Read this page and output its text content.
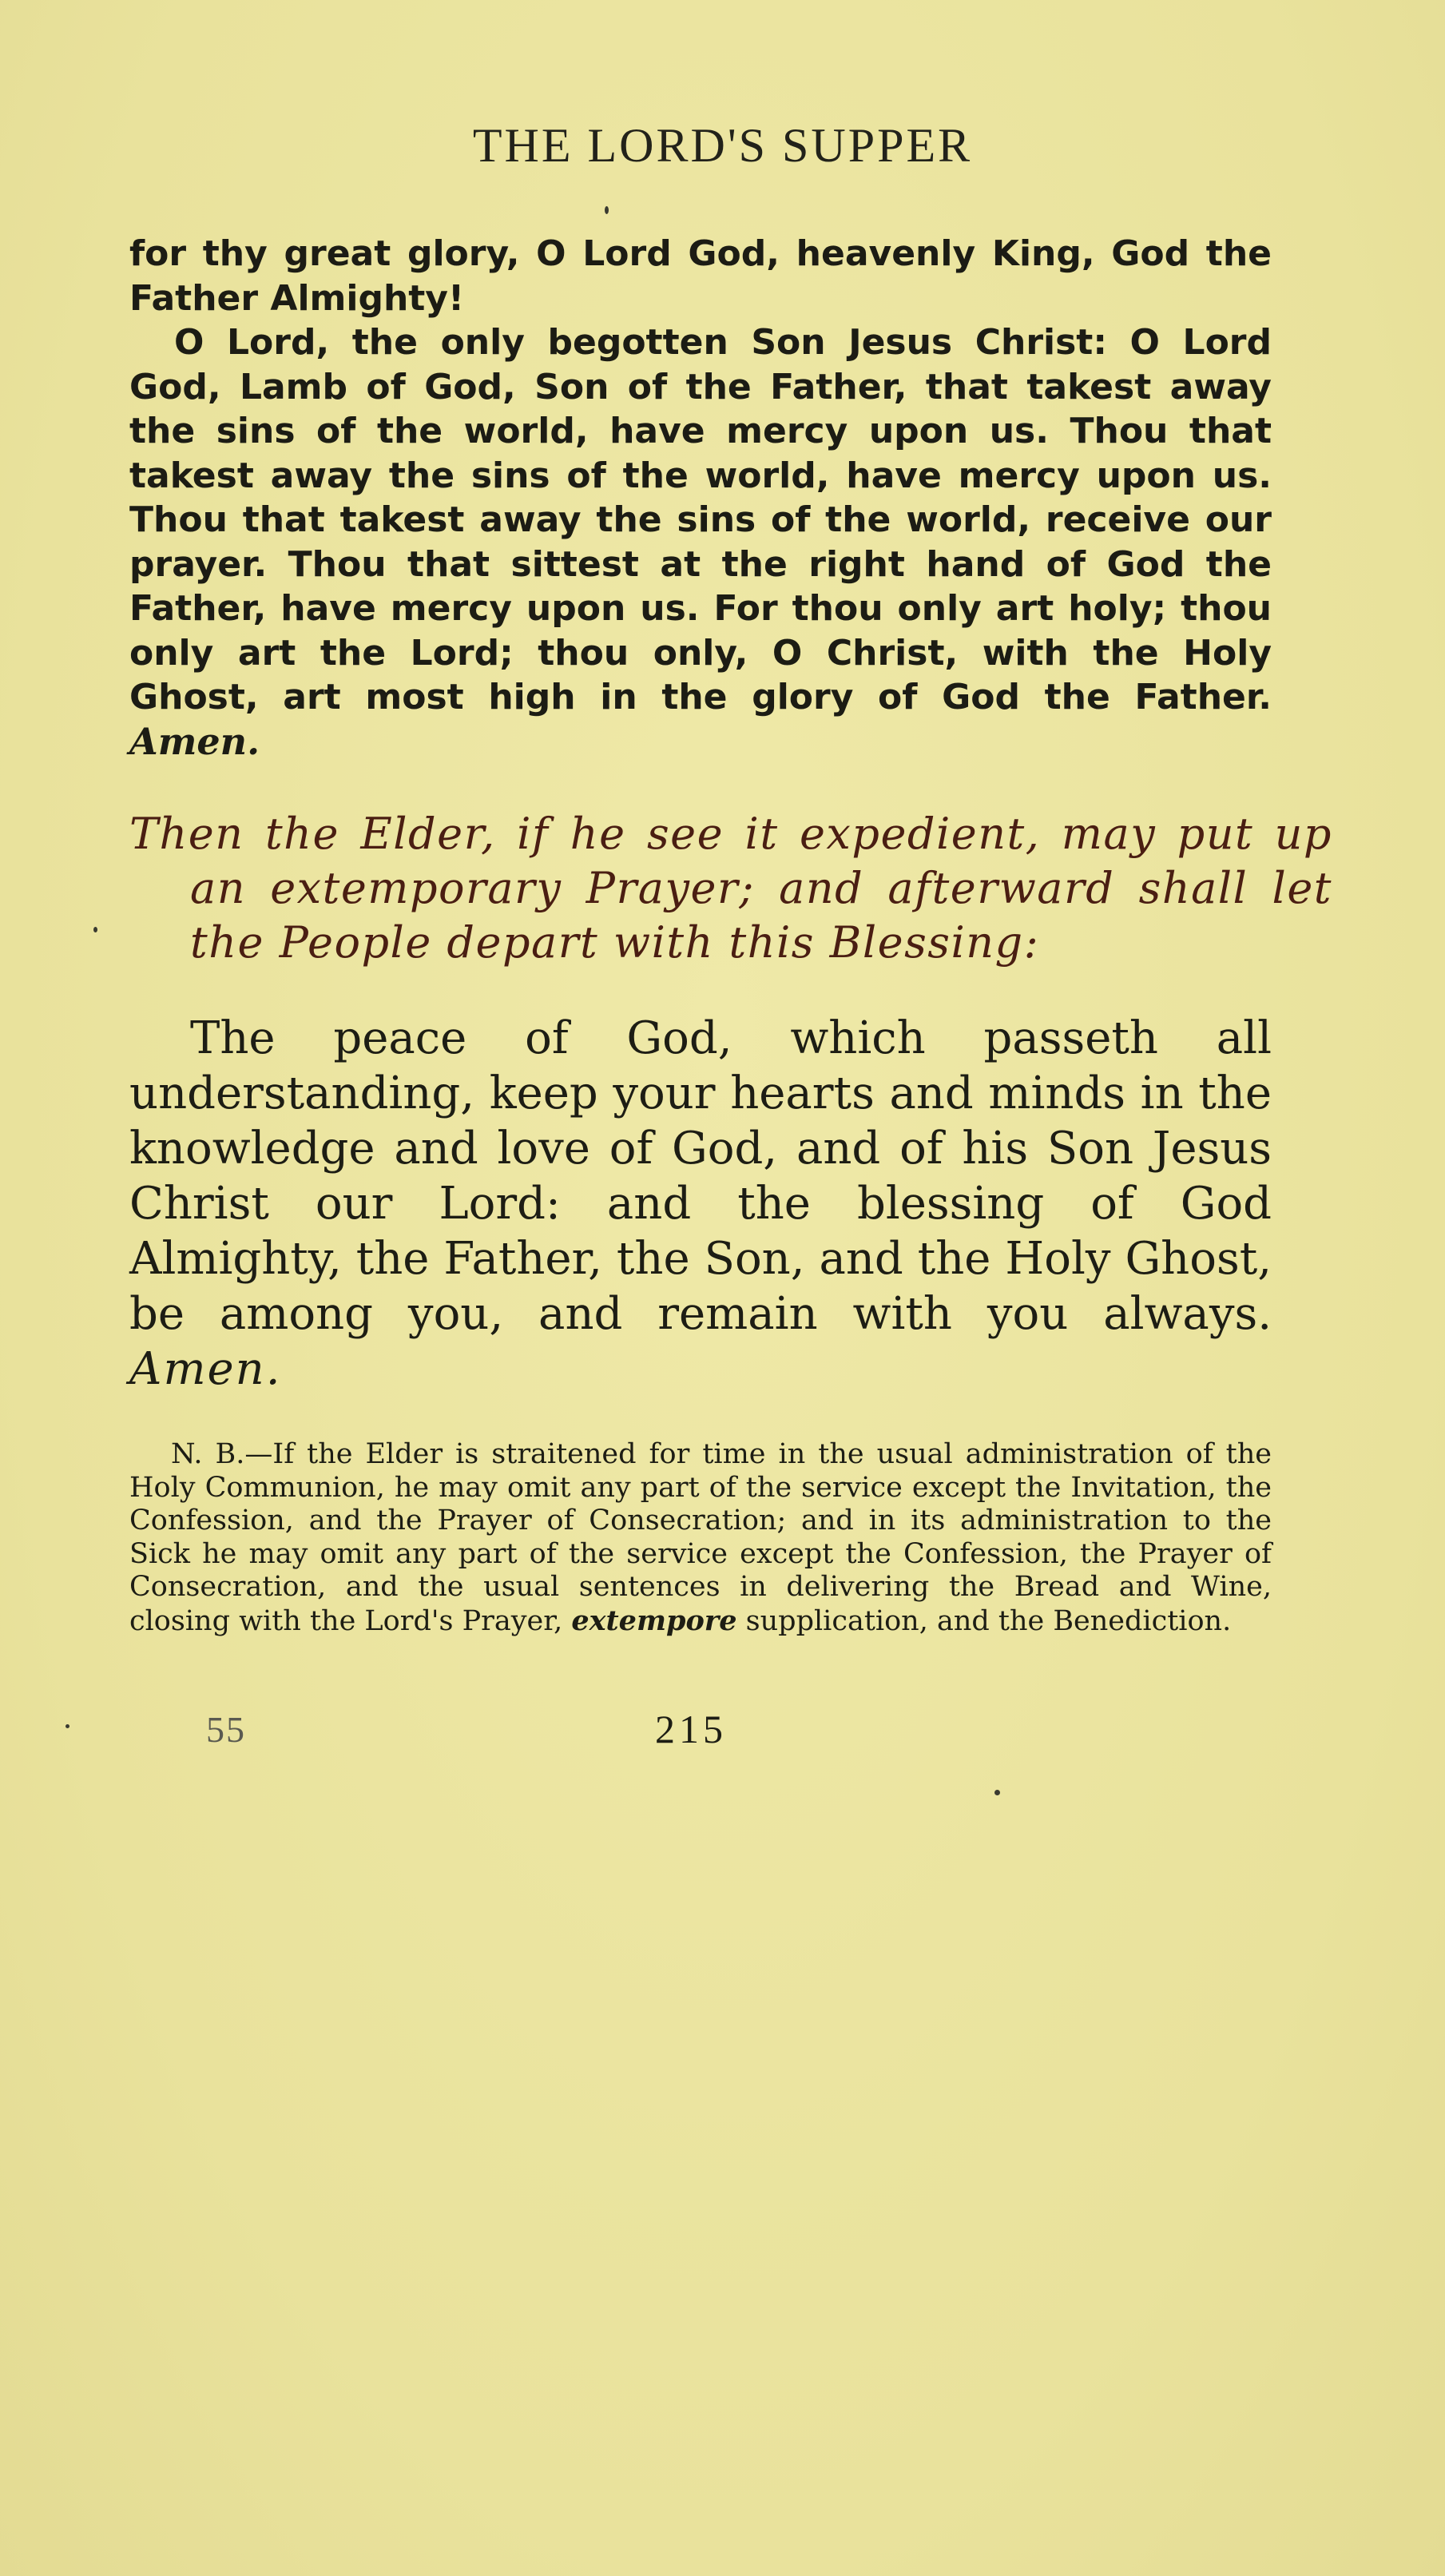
THE LORD'S SUPPER

for thy great glory, O Lord God, heavenly King, God the Father Almighty!

O Lord, the only begotten Son Jesus Christ: O Lord God, Lamb of God, Son of the Father, that takest away the sins of the world, have mercy upon us. Thou that takest away the sins of the world, have mercy upon us. Thou that takest away the sins of the world, receive our prayer. Thou that sittest at the right hand of God the Father, have mercy upon us. For thou only art holy; thou only art the Lord; thou only, O Christ, with the Holy Ghost, art most high in the glory of God the Father. Amen.

Then the Elder, if he see it expedient, may put up an extemporary Prayer; and afterward shall let the People depart with this Blessing:
The peace of God, which passeth all understanding, keep your hearts and minds in the knowledge and love of God, and of his Son Jesus Christ our Lord: and the blessing of God Almighty, the Father, the Son, and the Holy Ghost, be among you, and remain with you always. Amen.
N. B.—If the Elder is straitened for time in the usual administration of the Holy Communion, he may omit any part of the service except the Invitation, the Confession, and the Prayer of Consecration; and in its administration to the Sick he may omit any part of the service except the Confession, the Prayer of Consecration, and the usual sentences in delivering the Bread and Wine, closing with the Lord's Prayer, extempore supplication, and the Benediction.
55	215
